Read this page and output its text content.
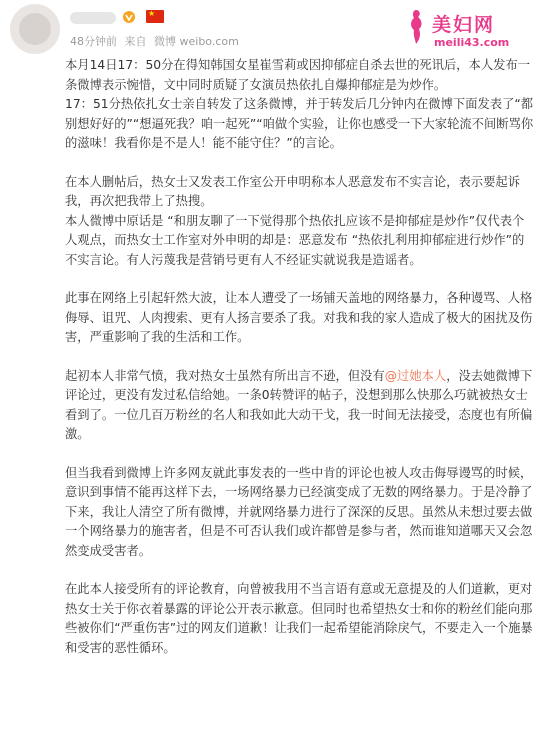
★
48分钟前 来自 微博 weibo.com
美妇网
meili43.com

本月14日17：50分在得知韩国女星崔雪莉或因抑郁症自杀去世的死讯后，本人发布一条微博表示惋惜，文中同时质疑了女演员热依扎自爆抑郁症是为炒作。
17：51分热依扎女士亲自转发了这条微博，并于转发后几分钟内在微博下面发表了“都别想好好的”“想逼死我？咱一起死”“咱做个实验，让你也感受一下大家轮流不间断骂你的滋味！我看你是不是人！能不能守住？”的言论。

在本人删帖后，热女士又发表工作室公开申明称本人恶意发布不实言论，表示要起诉我，再次把我带上了热搜。
本人微博中原话是 “和朋友聊了一下觉得那个热依扎应该不是抑郁症是炒作”仅代表个人观点，而热女士工作室对外申明的却是：恶意发布 “热依扎利用抑郁症进行炒作”的不实言论。有人污蔑我是营销号更有人不经证实就说我是造谣者。

此事在网络上引起轩然大波，让本人遭受了一场铺天盖地的网络暴力，各种谩骂、人格侮辱、诅咒、人肉搜索、更有人扬言要杀了我。对我和我的家人造成了极大的困扰及伤害，严重影响了我的生活和工作。

起初本人非常气愤，我对热女士虽然有所出言不逊，但没有@过她本人，没去她微博下评论过，更没有发过私信给她。一条0转赞评的帖子，没想到那么快那么巧就被热女士看到了。一位几百万粉丝的名人和我如此大动干戈，我一时间无法接受，态度也有所偏激。

但当我看到微博上许多网友就此事发表的一些中肯的评论也被人攻击侮辱谩骂的时候，意识到事情不能再这样下去，一场网络暴力已经演变成了无数的网络暴力。于是冷静了下来，我让人清空了所有微博，并就网络暴力进行了深深的反思。虽然从未想过要去做一个网络暴力的施害者，但是不可否认我们或许都曾是参与者，然而谁知道哪天又会忽然变成受害者。

在此本人接受所有的评论教育，向曾被我用不当言语有意或无意提及的人们道歉，更对热女士关于你衣着暴露的评论公开表示歉意。但同时也希望热女士和你的粉丝们能向那些被你们“严重伤害”过的网友们道歉！让我们一起希望能消除戾气，不要走入一个施暴和受害的恶性循环。
